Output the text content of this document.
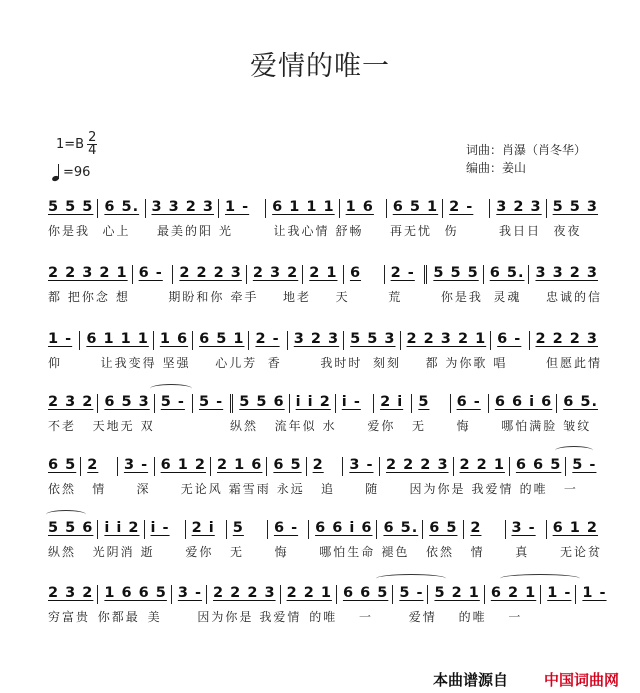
爱情的唯一
$1=B \frac{2}{4}$
=96
词曲：肖瀑（肖冬华）
编曲：姜山
5 5 5 6 5. 3 3 2 3 1 -	6 1 1 1 1 6	6 5 1 2 -	3 2 3 5 5 3
你是我	心上	最美的阳 光	让我心情 舒畅	再无忧	伤	我日日	夜夜
2 2 3 2 1 6 -	2 2 2 3 2 3 2 2 1 6	2 -	5 5 5 6 5. 3 3 2 3
都 把你念 想	期盼和你 牵手	地老	天	荒	你是我 灵魂	忠诚的信
1 - 6 1 1 1 1 6 6 5 1 2 - 3 2 3 5 5 3 2 2 3 2 1 6 - 2 2 2 3
仰	让我变得 坚强	心儿芳 香	我时时 刻刻	都 为你歌 唱	但愿此情
2 3 2 6 5 3 5 - 5 -	5 5 6 i i 2 i -	2 i	5	6 - 6 6 i 6 6 5.
不老	天地无 双	纵然	流年似 水	爱你	无	悔	哪怕满脸 皱纹
6 5 2	3 - 6 1 2 2 1 6 6 5 2	3 - 2 2 2 3 2 2 1 6 6 5 5 -
依然	情	深	无论风 霜雪雨 永远	追	随	因为你是 我爱情 的唯	一
5 5 6 i i 2 i -	2 i	5	6 -	6 6 i 6 6 5. 6 5 2	3 -	6 1 2
纵然	光阴消 逝	爱你	无	悔	哪怕生命 褪色	依然	情	真	无论贫
2 3 2 1 6 6 5 3 - 2 2 2 3 2 2 1 6 6 5 5 - 5 2 1 6 2 1 1 - 1 -
穷富贵 你都最 美	因为你是 我爱情 的唯	一	爱情	的唯	一
本曲谱源自 中国词曲网
